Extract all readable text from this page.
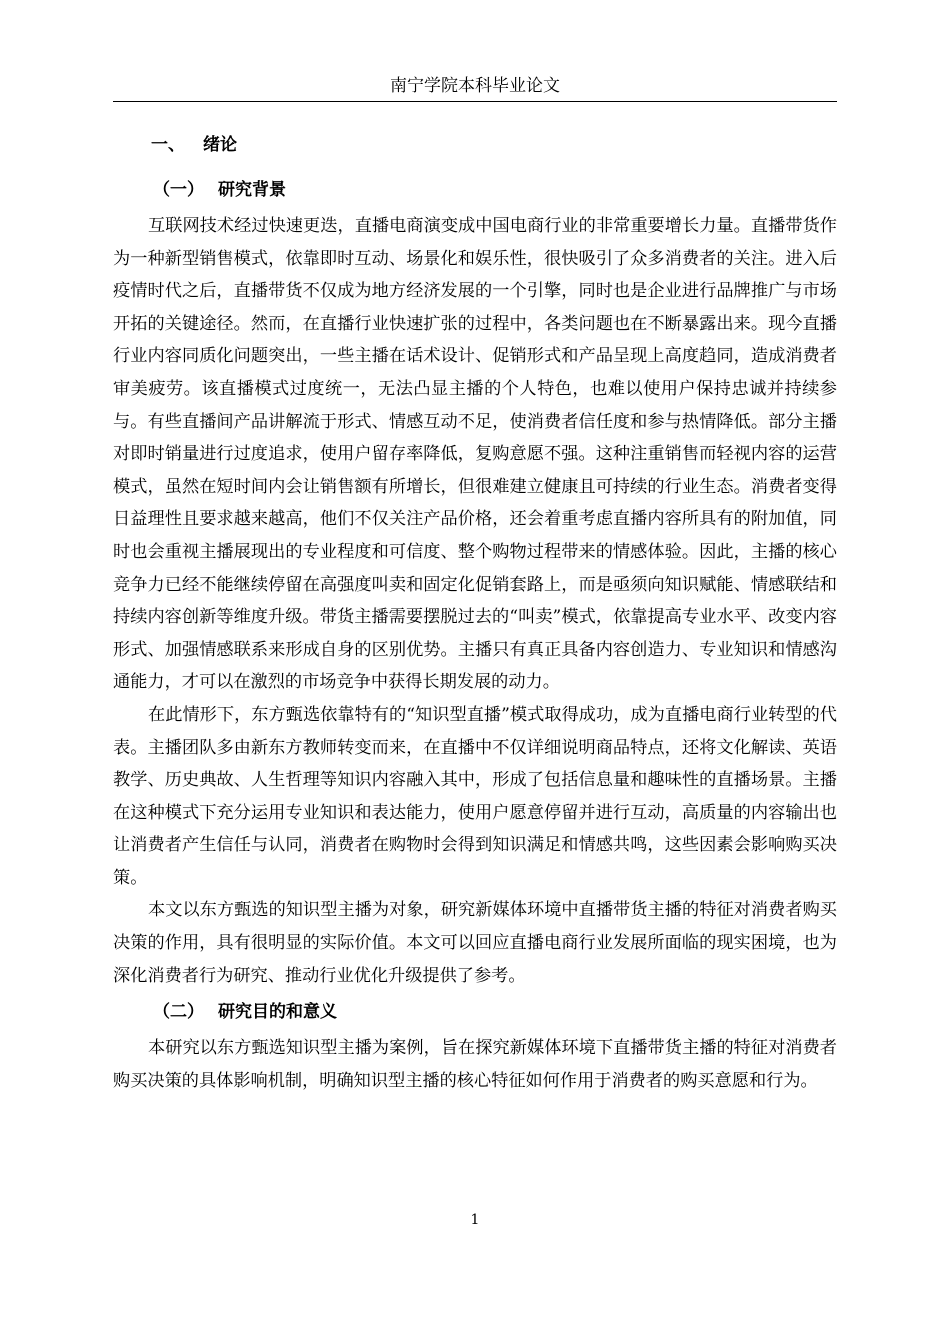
南宁学院本科毕业论文
一、 绪论
（一） 研究背景

互联网技术经过快速更迭，直播电商演变成中国电商行业的非常重要增长力量。直播带货作为一种新型销售模式，依靠即时互动、场景化和娱乐性，很快吸引了众多消费者的关注。进入后疫情时代之后，直播带货不仅成为地方经济发展的一个引擎，同时也是企业进行品牌推广与市场开拓的关键途径。然而，在直播行业快速扩张的过程中，各类问题也在不断暴露出来。现今直播行业内容同质化问题突出，一些主播在话术设计、促销形式和产品呈现上高度趋同，造成消费者审美疲劳。该直播模式过度统一，无法凸显主播的个人特色，也难以使用户保持忠诚并持续参与。有些直播间产品讲解流于形式、情感互动不足，使消费者信任度和参与热情降低。部分主播对即时销量进行过度追求，使用户留存率降低，复购意愿不强。这种注重销售而轻视内容的运营模式，虽然在短时间内会让销售额有所增长，但很难建立健康且可持续的行业生态。消费者变得日益理性且要求越来越高，他们不仅关注产品价格，还会着重考虑直播内容所具有的附加值，同时也会重视主播展现出的专业程度和可信度、整个购物过程带来的情感体验。因此，主播的核心竞争力已经不能继续停留在高强度叫卖和固定化促销套路上，而是亟须向知识赋能、情感联结和持续内容创新等维度升级。带货主播需要摆脱过去的“叫卖”模式，依靠提高专业水平、改变内容形式、加强情感联系来形成自身的区别优势。主播只有真正具备内容创造力、专业知识和情感沟通能力，才可以在激烈的市场竞争中获得长期发展的动力。

在此情形下，东方甄选依靠特有的“知识型直播”模式取得成功，成为直播电商行业转型的代表。主播团队多由新东方教师转变而来，在直播中不仅详细说明商品特点，还将文化解读、英语教学、历史典故、人生哲理等知识内容融入其中，形成了包括信息量和趣味性的直播场景。主播在这种模式下充分运用专业知识和表达能力，使用户愿意停留并进行互动，高质量的内容输出也让消费者产生信任与认同，消费者在购物时会得到知识满足和情感共鸣，这些因素会影响购买决策。

本文以东方甄选的知识型主播为对象，研究新媒体环境中直播带货主播的特征对消费者购买决策的作用，具有很明显的实际价值。本文可以回应直播电商行业发展所面临的现实困境，也为深化消费者行为研究、推动行业优化升级提供了参考。

（二） 研究目的和意义

本研究以东方甄选知识型主播为案例，旨在探究新媒体环境下直播带货主播的特征对消费者购买决策的具体影响机制，明确知识型主播的核心特征如何作用于消费者的购买意愿和行为。

1
